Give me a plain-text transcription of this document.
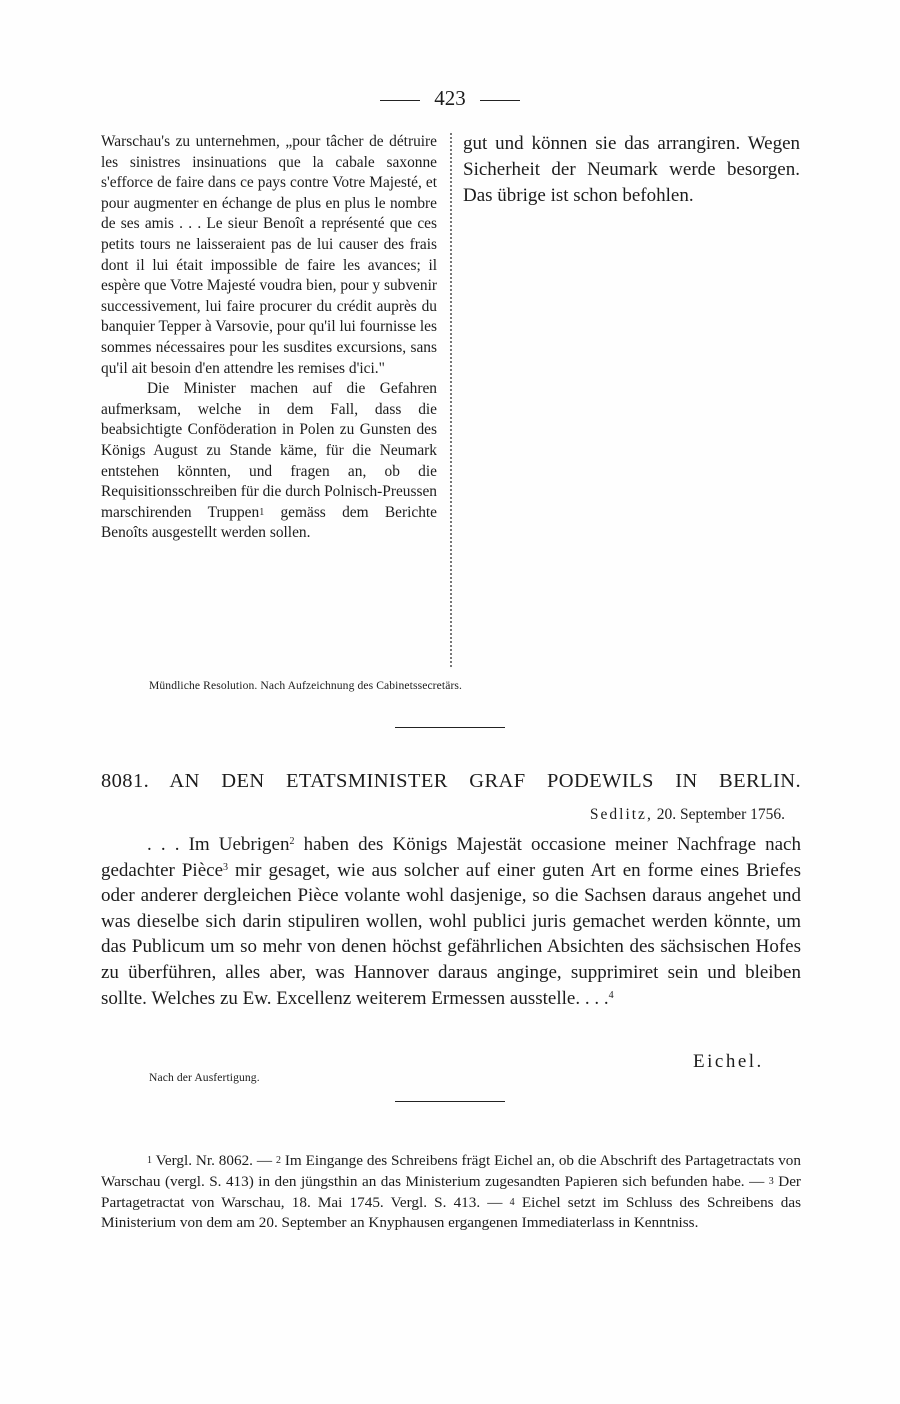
423

Warschau's zu unternehmen, „pour tâcher de détruire les sinistres insinuations que la cabale saxonne s'efforce de faire dans ce pays contre Votre Majesté, et pour augmenter en échange de plus en plus le nombre de ses amis . . . Le sieur Benoît a représenté que ces petits tours ne laisseraient pas de lui causer des frais dont il lui était impossible de faire les avances; il espère que Votre Majesté voudra bien, pour y subvenir successivement, lui faire procurer du crédit auprès du banquier Tepper à Varsovie, pour qu'il lui fournisse les sommes nécessaires pour les susdites excursions, sans qu'il ait besoin d'en attendre les remises d'ici."

Die Minister machen auf die Gefahren aufmerksam, welche in dem Fall, dass die beabsichtigte Conföderation in Polen zu Gunsten des Königs August zu Stande käme, für die Neumark entstehen könnten, und fragen an, ob die Requisitionsschreiben für die durch Polnisch-Preussen marschirenden Truppen1 gemäss dem Berichte Benoîts ausgestellt werden sollen.

gut und können sie das arrangiren. Wegen Sicherheit der Neumark werde besorgen. Das übrige ist schon befohlen.
Mündliche Resolution. Nach Aufzeichnung des Cabinetssecretärs.
8081. AN DEN ETATSMINISTER GRAF PODEWILS IN BERLIN.
Sedlitz, 20. September 1756.

. . . Im Uebrigen$^2$ haben des Königs Majestät occasione meiner Nachfrage nach gedachter Pièce$^3$ mir gesaget, wie aus solcher auf einer guten Art en forme eines Briefes oder anderer dergleichen Pièce volante wohl dasjenige, so die Sachsen daraus angehet und was dieselbe sich darin stipuliren wollen, wohl publici juris gemachet werden könnte, um das Publicum um so mehr von denen höchst gefährlichen Absichten des sächsischen Hofes zu überführen, alles aber, was Hannover daraus anginge, supprimiret sein und bleiben sollte. Welches zu Ew. Excellenz weiterem Ermessen ausstelle. . . .$^4$

Eichel.
Nach der Ausfertigung.

1 Vergl. Nr. 8062. — 2 Im Eingange des Schreibens frägt Eichel an, ob die Abschrift des Partagetractats von Warschau (vergl. S. 413) in den jüngsthin an das Ministerium zugesandten Papieren sich befunden habe. — 3 Der Partagetractat von Warschau, 18. Mai 1745. Vergl. S. 413. — 4 Eichel setzt im Schluss des Schreibens das Ministerium von dem am 20. September an Knyphausen ergangenen Immediaterlass in Kenntniss.
